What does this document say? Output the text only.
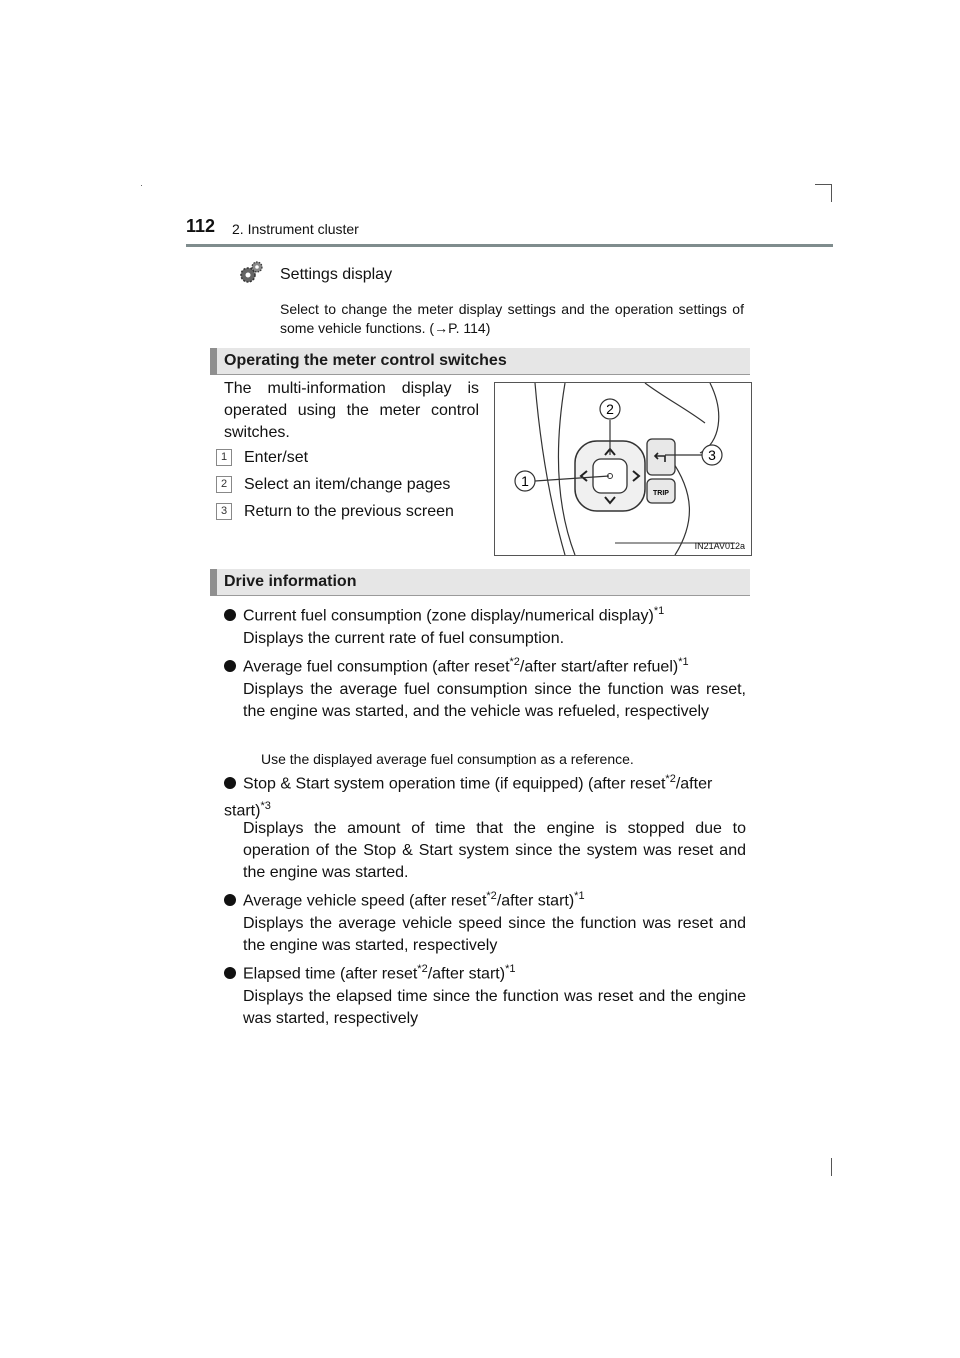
112 2. Instrument cluster
Settings display
Select to change the meter display settings and the operation settings of some vehicle functions. (→P. 114)
Operating the meter control switches
The multi-information display is operated using the meter control switches.
1 Enter/set
2 Select an item/change pages
3 Return to the previous screen
TRIP
2
1
3
IN21AV012a
Drive information
Current fuel consumption (zone display/numerical display)$^{*1}$
Displays the current rate of fuel consumption.
Average fuel consumption (after reset$^{*2}$/after start/after refuel)$^{*1}$
Displays the average fuel consumption since the function was reset, the engine was started, and the vehicle was refueled, respectively
Use the displayed average fuel consumption as a reference.
Stop & Start system operation time (if equipped) (after reset$^{*2}$/after start)$^{*3}$
Displays the amount of time that the engine is stopped due to operation of the Stop & Start system since the system was reset and the engine was started.
Average vehicle speed (after reset$^{*2}$/after start)$^{*1}$
Displays the average vehicle speed since the function was reset and the engine was started, respectively
Elapsed time (after reset$^{*2}$/after start)$^{*1}$
Displays the elapsed time since the function was reset and the engine was started, respectively
